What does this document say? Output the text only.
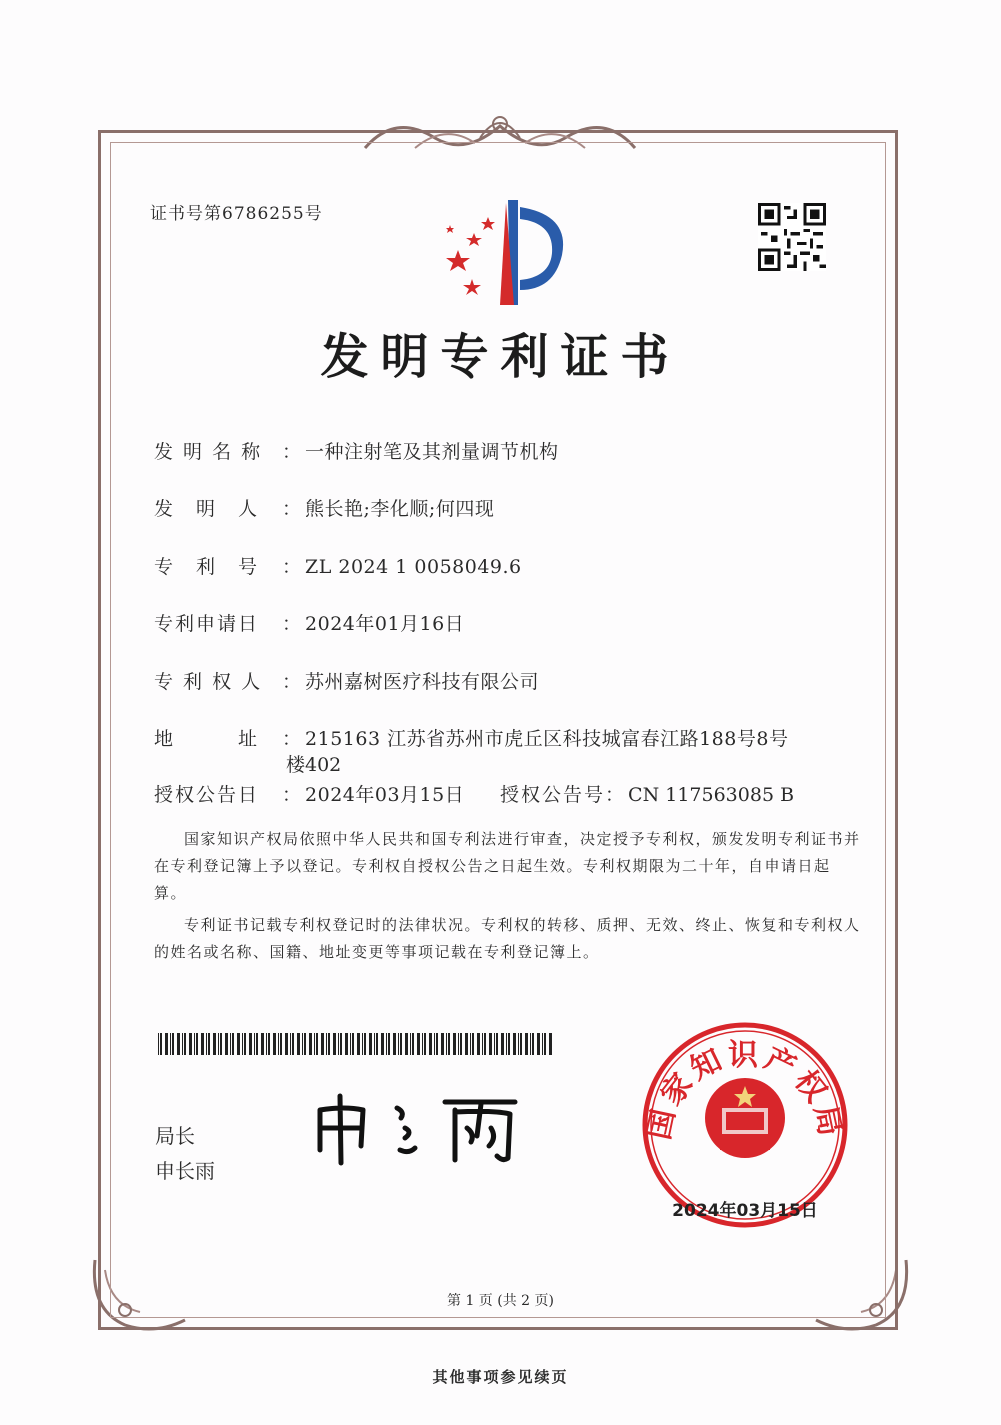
证书号第6786255号
发明专利证书
发 明 名 称 ： 一种注射笔及其剂量调节机构
发　明　人 ： 熊长艳;李化顺;何四现
专　利　号 ： ZL 2024 1 0058049.6
专利申请日 ： 2024年01月16日
专 利 权 人 ： 苏州嘉树医疗科技有限公司
地　　　址 ： 215163 江苏省苏州市虎丘区科技城富春江路188号8号
楼402
授权公告日 ： 2024年03月15日 授权公告号： CN 117563085 B
国家知识产权局依照中华人民共和国专利法进行审查，决定授予专利权，颁发发明专利证书并在专利登记簿上予以登记。专利权自授权公告之日起生效。专利权期限为二十年，自申请日起算。
专利证书记载专利权登记时的法律状况。专利权的转移、质押、无效、终止、恢复和专利权人的姓名或名称、国籍、地址变更等事项记载在专利登记簿上。
局长
申长雨
国家知识产权局
2024年03月15日
第 1 页 (共 2 页)
其他事项参见续页
